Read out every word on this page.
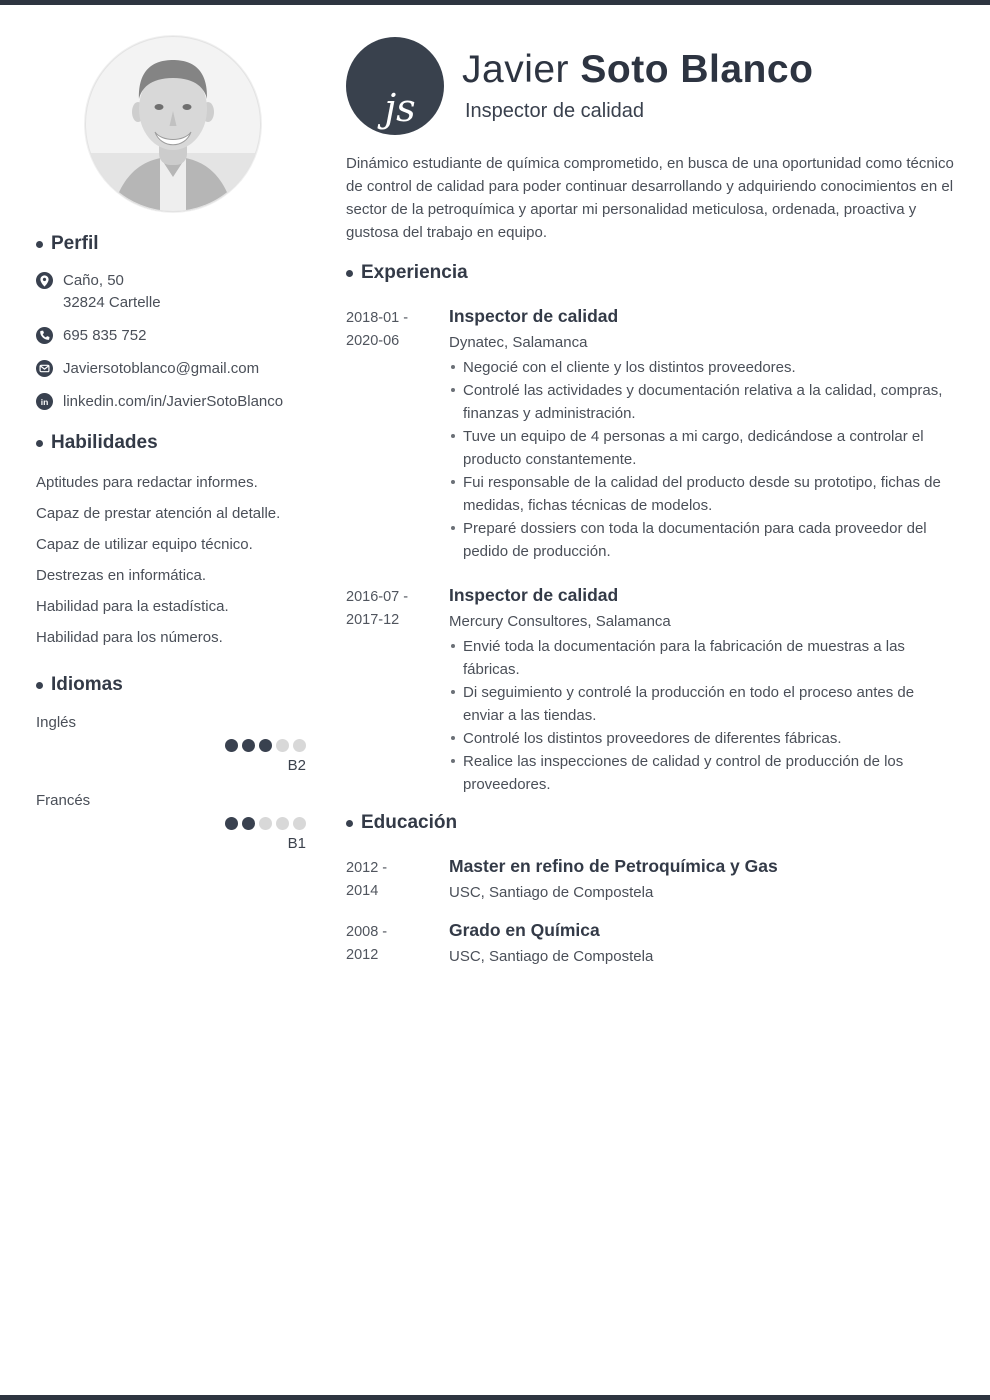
Perfil
Caño, 50
32824 Cartelle
695 835 752
Javiersotoblanco@gmail.com
in linkedin.com/in/JavierSotoBlanco
Habilidades
Aptitudes para redactar informes.
Capaz de prestar atención al detalle.
Capaz de utilizar equipo técnico.
Destrezas en informática.
Habilidad para la estadística.
Habilidad para los números.
Idiomas
Inglés
B2
Francés
B1
js
Javier Soto Blanco
Inspector de calidad

Dinámico estudiante de química comprometido, en busca de una oportunidad como técnico de control de calidad para poder continuar desarrollando y adquiriendo conocimientos en el sector de la petroquímica y aportar mi personalidad meticulosa, ordenada, proactiva y gustosa del trabajo en equipo.

Experiencia
2018-01 -
2020-06
Inspector de calidad
Dynatec, Salamanca
Negocié con el cliente y los distintos proveedores.
Controlé las actividades y documentación relativa a la calidad, compras, finanzas y administración.
Tuve un equipo de 4 personas a mi cargo, dedicándose a controlar el producto constantemente.
Fui responsable de la calidad del producto desde su prototipo, fichas de medidas, fichas técnicas de modelos.
Preparé dossiers con toda la documentación para cada proveedor del pedido de producción.
2016-07 -
2017-12
Inspector de calidad
Mercury Consultores, Salamanca
Envié toda la documentación para la fabricación de muestras a las fábricas.
Di seguimiento y controlé la producción en todo el proceso antes de enviar a las tiendas.
Controlé los distintos proveedores de diferentes fábricas.
Realice las inspecciones de calidad y control de producción de los proveedores.
Educación
2012 -
2014
Master en refino de Petroquímica y Gas
USC, Santiago de Compostela
2008 -
2012
Grado en Química
USC, Santiago de Compostela
